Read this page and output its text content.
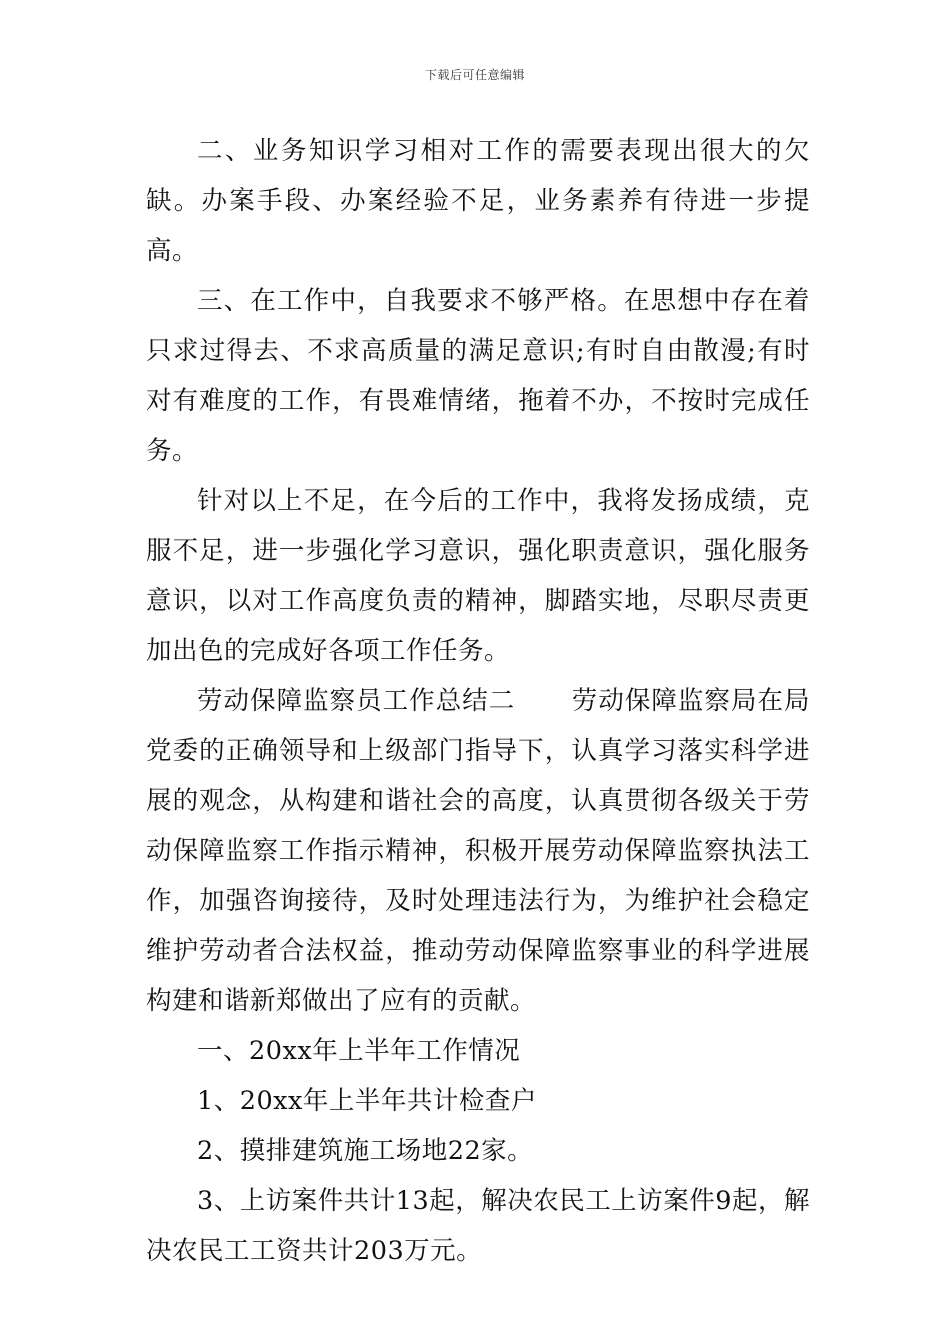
下载后可任意编辑

二、业务知识学习相对工作的需要表现出很大的欠缺。办案手段、办案经验不足，业务素养有待进一步提高。

三、在工作中，自我要求不够严格。在思想中存在着只求过得去、不求高质量的满足意识;有时自由散漫;有时对有难度的工作，有畏难情绪，拖着不办，不按时完成任务。

针对以上不足，在今后的工作中，我将发扬成绩，克服不足，进一步强化学习意识，强化职责意识，强化服务意识，以对工作高度负责的精神，脚踏实地，尽职尽责更加出色的完成好各项工作任务。

劳动保障监察员工作总结二 劳动保障监察局在局党委的正确领导和上级部门指导下，认真学习落实科学进展的观念，从构建和谐社会的高度，认真贯彻各级关于劳动保障监察工作指示精神，积极开展劳动保障监察执法工作，加强咨询接待，及时处理违法行为，为维护社会稳定维护劳动者合法权益，推动劳动保障监察事业的科学进展构建和谐新郑做出了应有的贡献。

一、20xx年上半年工作情况

1、20xx年上半年共计检查户

2、摸排建筑施工场地22家。

3、上访案件共计13起，解决农民工上访案件9起，解决农民工工资共计203万元。
